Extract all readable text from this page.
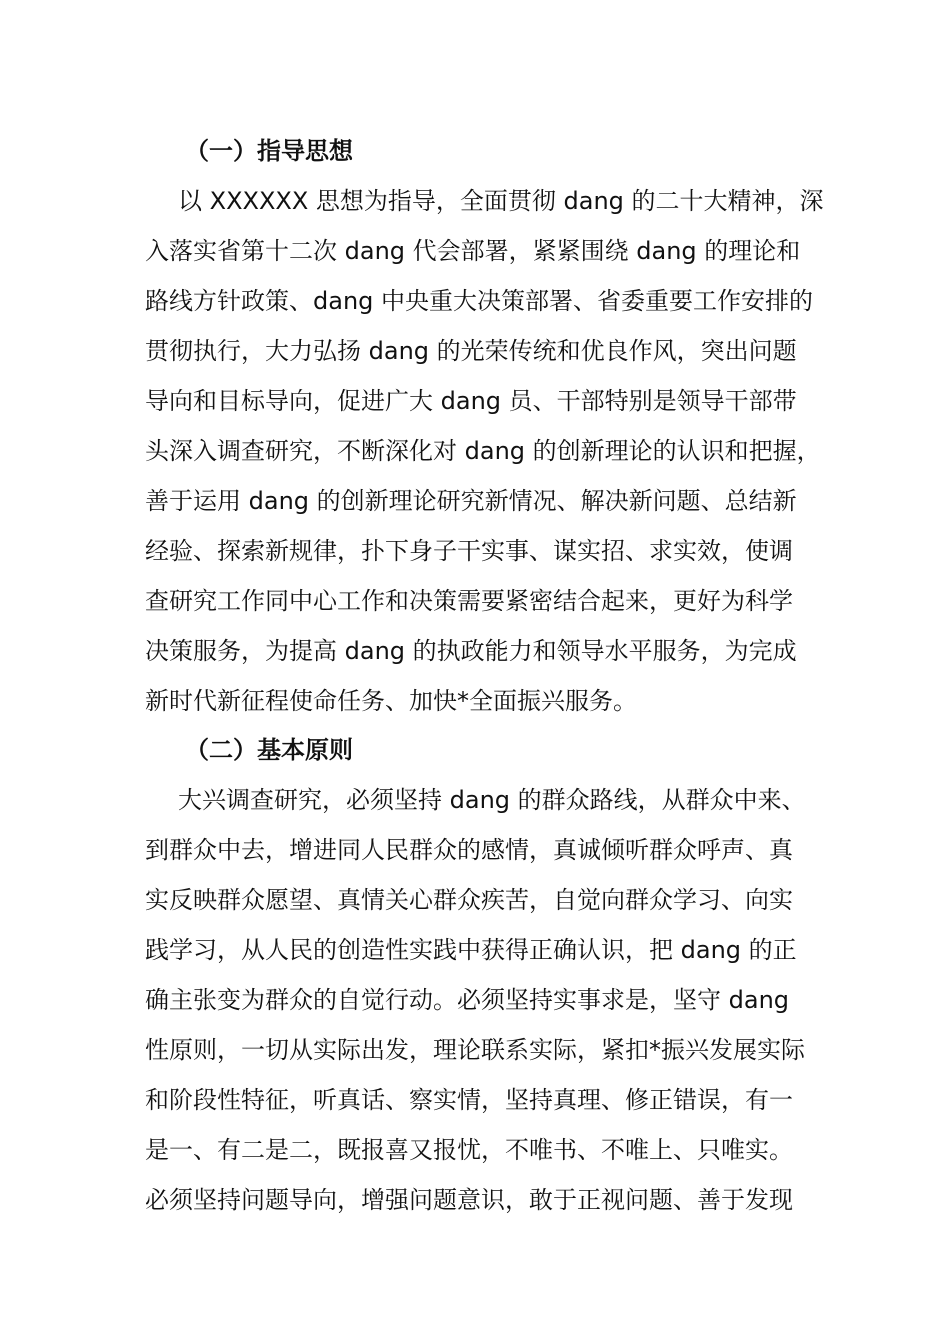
（一）指导思想
以 XXXXXX 思想为指导，全面贯彻 dang 的二十大精神，深
入落实省第十二次 dang 代会部署，紧紧围绕 dang 的理论和
路线方针政策、dang 中央重大决策部署、省委重要工作安排的
贯彻执行，大力弘扬 dang 的光荣传统和优良作风，突出问题
导向和目标导向，促进广大 dang 员、干部特别是领导干部带
头深入调查研究，不断深化对 dang 的创新理论的认识和把握，
善于运用 dang 的创新理论研究新情况、解决新问题、总结新
经验、探索新规律，扑下身子干实事、谋实招、求实效，使调
查研究工作同中心工作和决策需要紧密结合起来，更好为科学
决策服务，为提高 dang 的执政能力和领导水平服务，为完成
新时代新征程使命任务、加快*全面振兴服务。
（二）基本原则
大兴调查研究，必须坚持 dang 的群众路线，从群众中来、
到群众中去，增进同人民群众的感情，真诚倾听群众呼声、真
实反映群众愿望、真情关心群众疾苦，自觉向群众学习、向实
践学习，从人民的创造性实践中获得正确认识，把 dang 的正
确主张变为群众的自觉行动。必须坚持实事求是，坚守 dang
性原则，一切从实际出发，理论联系实际，紧扣*振兴发展实际
和阶段性特征，听真话、察实情，坚持真理、修正错误，有一
是一、有二是二，既报喜又报忧，不唯书、不唯上、只唯实。
必须坚持问题导向，增强问题意识，敢于正视问题、善于发现
